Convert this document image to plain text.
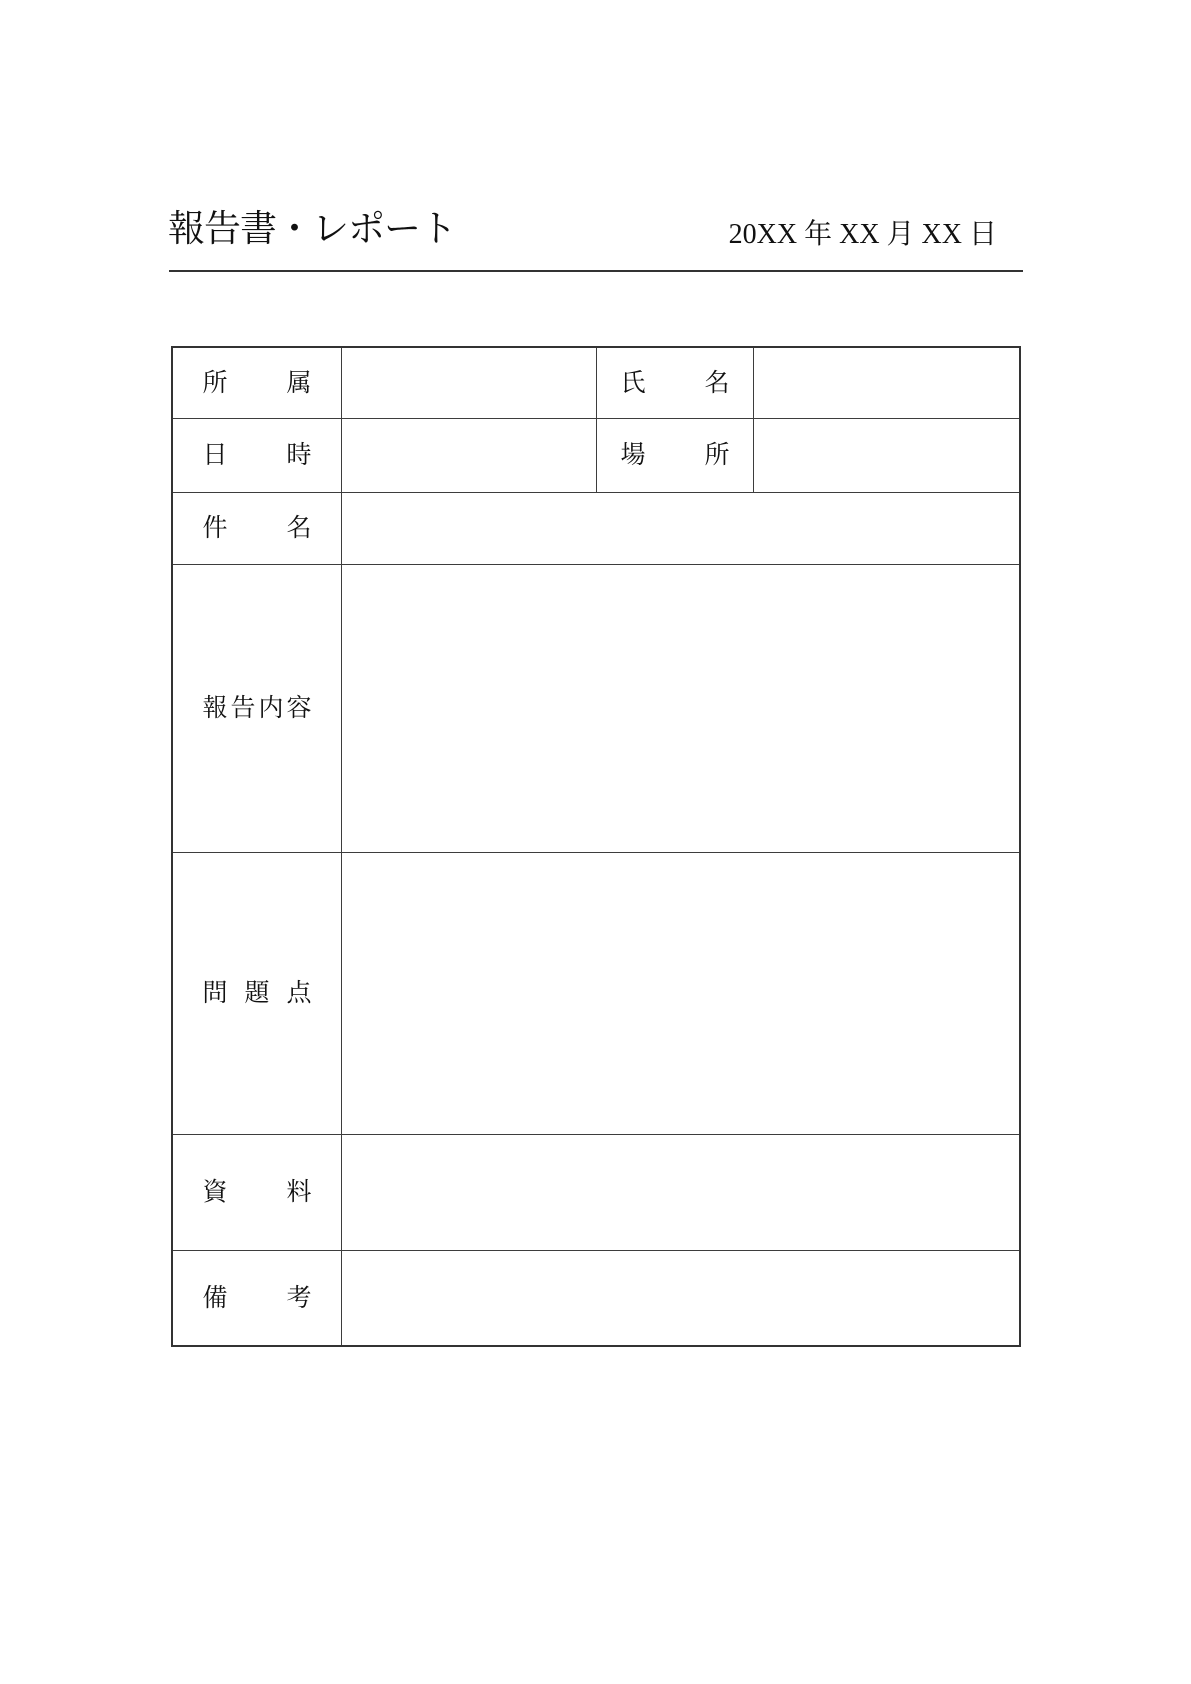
報告書・レポート	20XX 年 XX 月 XX 日
所 属	氏 名
日 時	場 所
件 名
報 告 内 容
問 題 点
資 料
備 考
